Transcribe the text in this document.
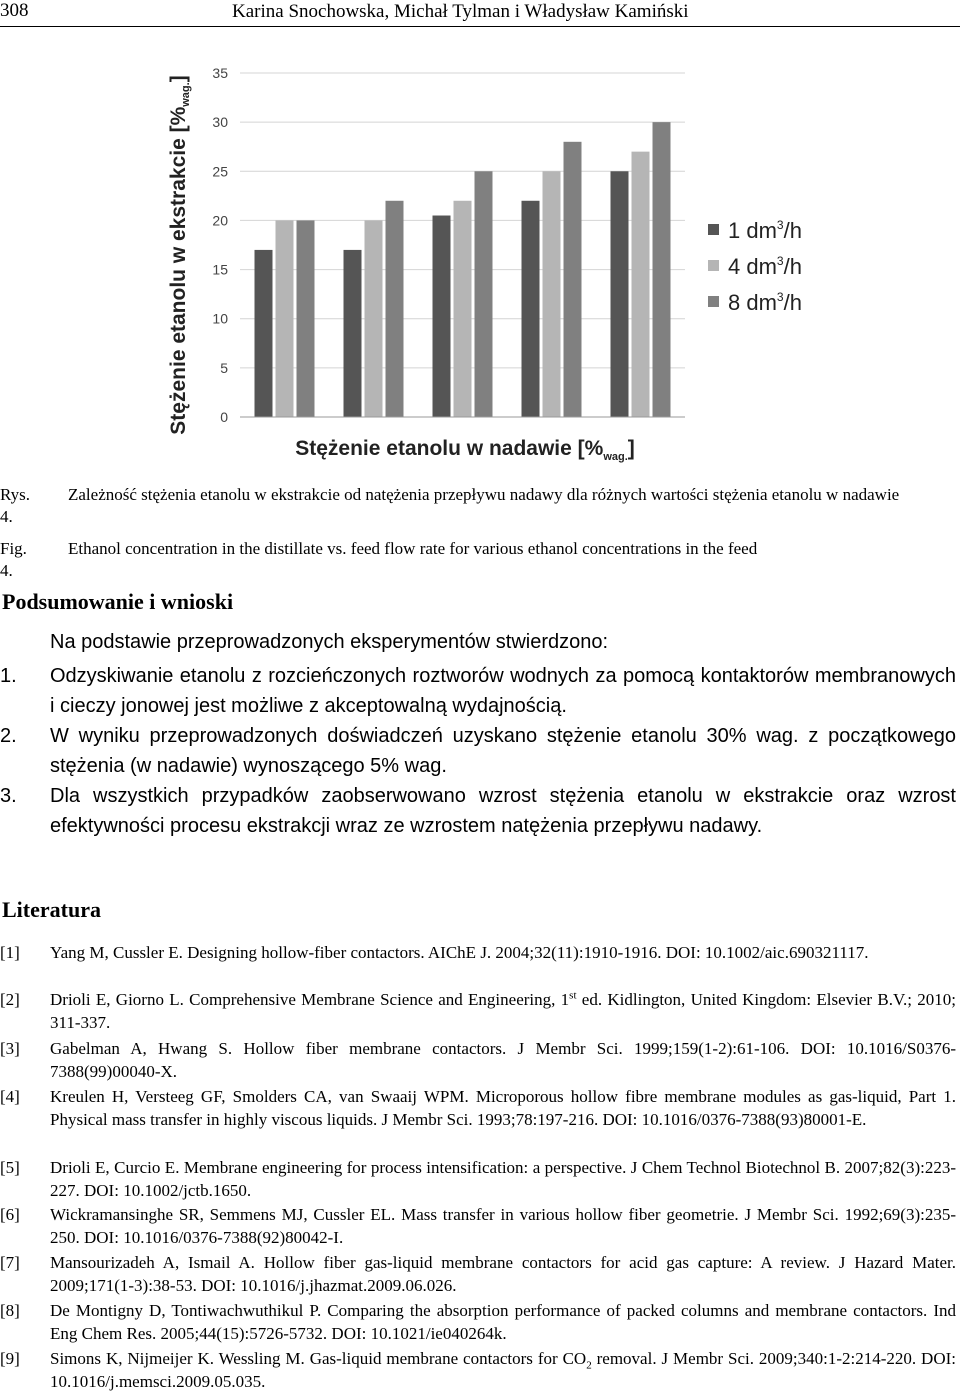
308	Karina Snochowska, Michał Tylman i Władysław Kamiński
35
30
25
20
15
10
5
0
Stężenie etanolu w ekstrakcie [%wag.]
Stężenie etanolu w nadawie $[\%_{wag.}]$
1 $dm^3/h$
4 $dm^3/h$
8 $dm^3/h$
Rys. 4.
Zależność stężenia etanolu w ekstrakcie od natężenia przepływu nadawy dla różnych wartości stężenia etanolu w nadawie
Fig. 4.
Ethanol concentration in the distillate vs. feed flow rate for various ethanol concentrations in the feed
Podsumowanie i wnioski
Na podstawie przeprowadzonych eksperymentów stwierdzono:
1. Odzyskiwanie etanolu z rozcieńczonych roztworów wodnych za pomocą kontaktorów membranowych i cieczy jonowej jest możliwe z akceptowalną wydajnością.
2. W wyniku przeprowadzonych doświadczeń uzyskano stężenie etanolu 30% wag. z początkowego stężenia (w nadawie) wynoszącego 5% wag.
3. Dla wszystkich przypadków zaobserwowano wzrost stężenia etanolu w ekstrakcie oraz wzrost efektywności procesu ekstrakcji wraz ze wzrostem natężenia przepływu nadawy.
Literatura
[1] Yang M, Cussler E. Designing hollow-fiber contactors. AIChE J. 2004;32(11):1910-1916. DOI: 10.1002/aic.690321117.
[2] Drioli E, Giorno L. Comprehensive Membrane Science and Engineering, 1st ed. Kidlington, United Kingdom: Elsevier B.V.; 2010; 311-337.
[3] Gabelman A, Hwang S. Hollow fiber membrane contactors. J Membr Sci. 1999;159(1-2):61-106. DOI: 10.1016/S0376-7388(99)00040-X.
[4] Kreulen H, Versteeg GF, Smolders CA, van Swaaij WPM. Microporous hollow fibre membrane modules as gas-liquid, Part 1. Physical mass transfer in highly viscous liquids. J Membr Sci. 1993;78:197-216. DOI: 10.1016/0376-7388(93)80001-E.
[5] Drioli E, Curcio E. Membrane engineering for process intensification: a perspective. J Chem Technol Biotechnol B. 2007;82(3):223-227. DOI: 10.1002/jctb.1650.
[6] Wickramansinghe SR, Semmens MJ, Cussler EL. Mass transfer in various hollow fiber geometrie. J Membr Sci. 1992;69(3):235-250. DOI: 10.1016/0376-7388(92)80042-I.
[7] Mansourizadeh A, Ismail A. Hollow fiber gas-liquid membrane contactors for acid gas capture: A review. J Hazard Mater. 2009;171(1-3):38-53. DOI: 10.1016/j.jhazmat.2009.06.026.
[8] De Montigny D, Tontiwachwuthikul P. Comparing the absorption performance of packed columns and membrane contactors. Ind Eng Chem Res. 2005;44(15):5726-5732. DOI: 10.1021/ie040264k.
[9] Simons K, Nijmeijer K. Wessling M. Gas-liquid membrane contactors for $CO_2$ removal. J Membr Sci. 2009;340:1-2:214-220. DOI: 10.1016/j.memsci.2009.05.035.
